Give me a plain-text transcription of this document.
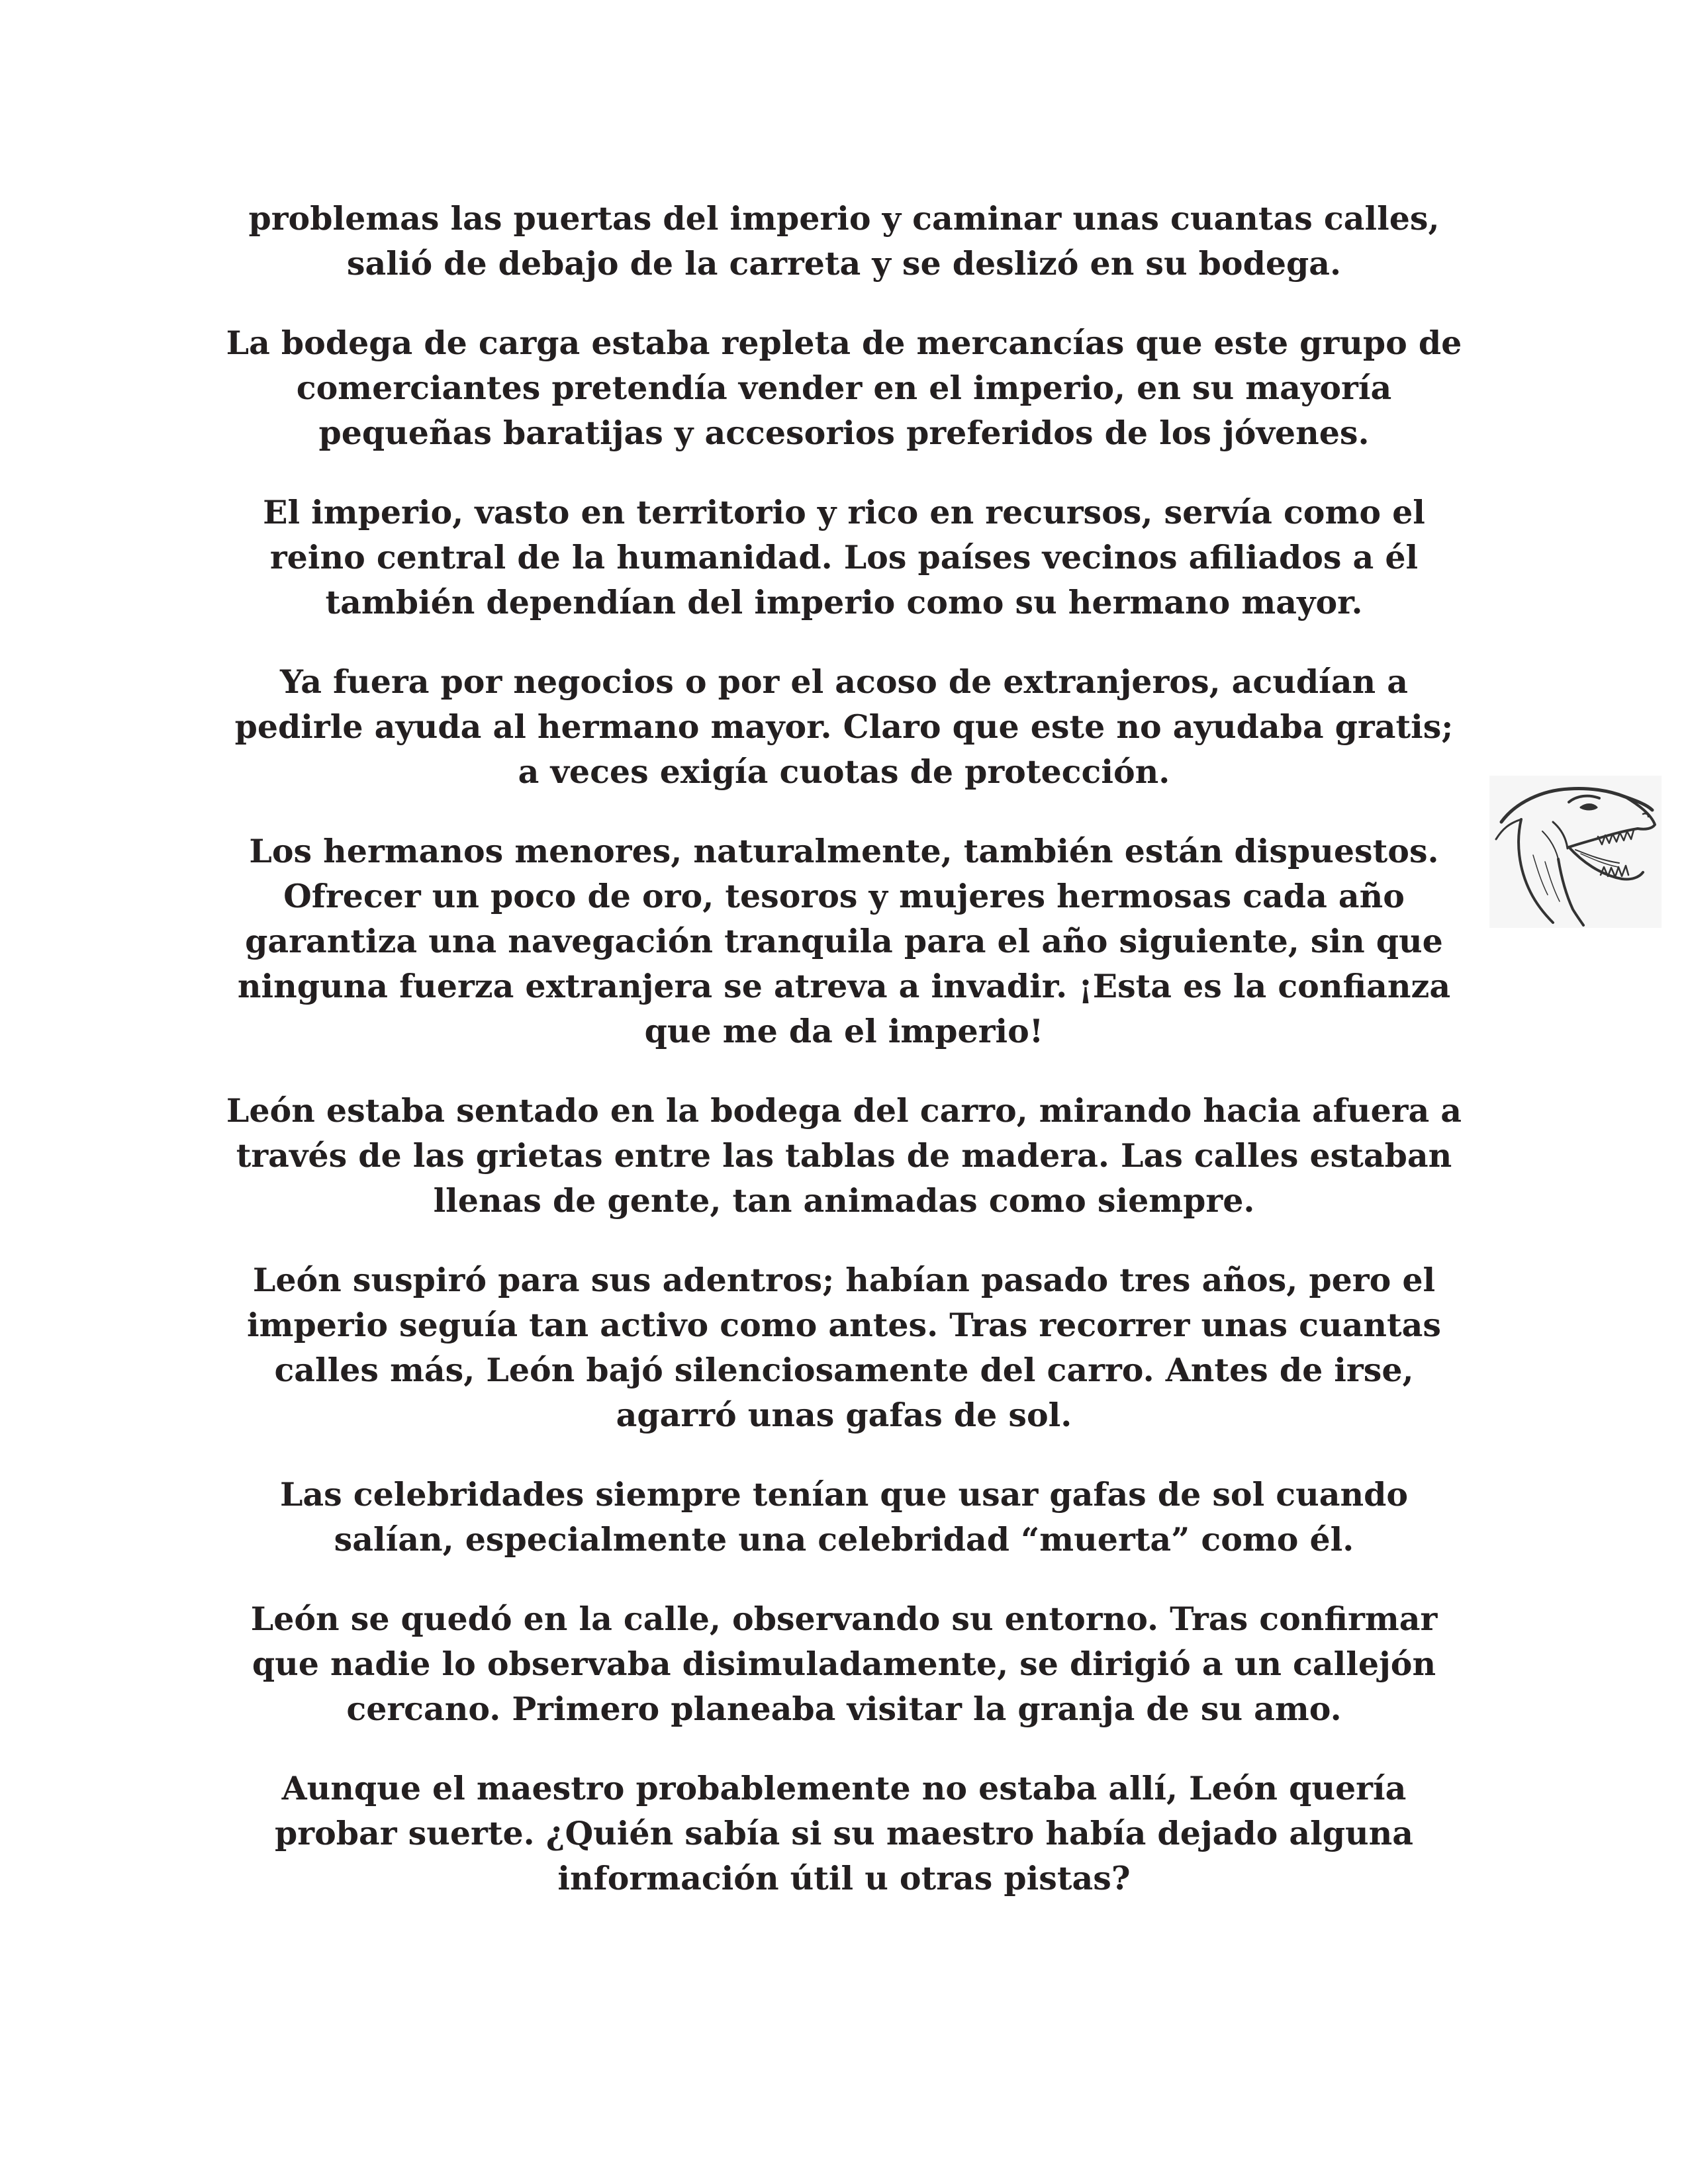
problemas las puertas del imperio y caminar unas cuantas calles, salió de debajo de la carreta y se deslizó en su bodega.

La bodega de carga estaba repleta de mercancías que este grupo de comerciantes pretendía vender en el imperio, en su mayoría pequeñas baratijas y accesorios preferidos de los jóvenes.

El imperio, vasto en territorio y rico en recursos, servía como el reino central de la humanidad. Los países vecinos afiliados a él también dependían del imperio como su hermano mayor.

Ya fuera por negocios o por el acoso de extranjeros, acudían a pedirle ayuda al hermano mayor. Claro que este no ayudaba gratis; a veces exigía cuotas de protección.

Los hermanos menores, naturalmente, también están dispuestos. Ofrecer un poco de oro, tesoros y mujeres hermosas cada año garantiza una navegación tranquila para el año siguiente, sin que ninguna fuerza extranjera se atreva a invadir. ¡Esta es la confianza que me da el imperio!

León estaba sentado en la bodega del carro, mirando hacia afuera a través de las grietas entre las tablas de madera. Las calles estaban llenas de gente, tan animadas como siempre.

León suspiró para sus adentros; habían pasado tres años, pero el imperio seguía tan activo como antes. Tras recorrer unas cuantas calles más, León bajó silenciosamente del carro. Antes de irse, agarró unas gafas de sol.

Las celebridades siempre tenían que usar gafas de sol cuando salían, especialmente una celebridad “muerta” como él.

León se quedó en la calle, observando su entorno. Tras confirmar que nadie lo observaba disimuladamente, se dirigió a un callejón cercano. Primero planeaba visitar la granja de su amo.

Aunque el maestro probablemente no estaba allí, León quería probar suerte. ¿Quién sabía si su maestro había dejado alguna información útil u otras pistas?
